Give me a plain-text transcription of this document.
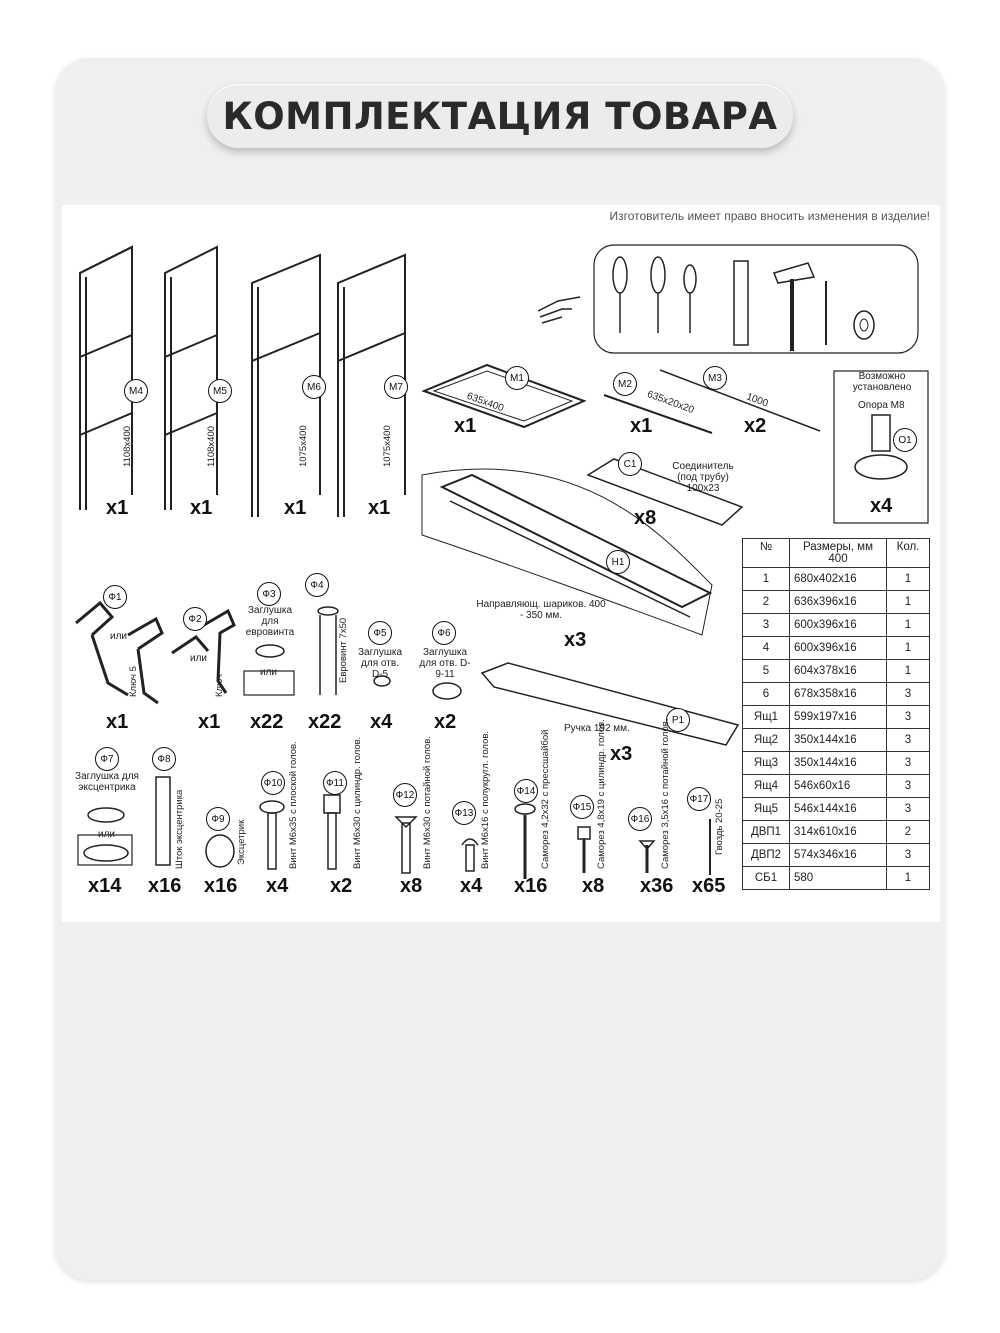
КОМПЛЕКТАЦИЯ ТОВАРА
Изготовитель имеет право вносить изменения в изделие!
М4
1108x400
x1
М5
1108x400
x1
М6
1075x400
x1
М7
1075x400
x1
М1
635x400
x1
М2
635x20x20
x1
М3
1000
x2
Возможно установлено
Опора М8
О1
x4
С1	Соединитель (под трубу) 100x23
x8
Н1
Направляющ. шариков. 400 - 350 мм.
x3
Р1
Ручка 192 мм.
x3
Ф1
или
Ключ 5
x1
Ф2
или
Ключ
x1
Ф3
Заглушка для евровинта
или
x22
Ф4
Евровинт 7x50
x22
Ф5
Заглушка для отв. D-5
x4
Ф6
Заглушка для отв. D-9-11
x2
Ф7
Заглушка для эксцентрика
или
x14
Ф8
Шток эксцентрика
x16
Ф9
Эксцетрик
x16
Ф10 Винт М6x35 с плоской голов.
x4
Ф11 Винт М6x30 с цилиндр. голов.
x2
Ф12 Винт М6x30 с потайной голов.
x8
Ф13 Винт М6x16 с полукругл. голов.
x4
Ф14 Саморез 4,2x32 с прессшайбой
x16
Ф15 Саморез 4,8x19 с цилиндр. голов.
x8
Ф16 Саморез 3,5x16 с потайной голов.
x36
Ф17 Гвоздь 20-25
x65
№	Размеры, мм 400	Кол.
1	680x402x16	1
2	636x396x16	1
3	600x396x16	1
4	600x396x16	1
5	604x378x16	1
6	678x358x16	3
Ящ1	599x197x16	3
Ящ2	350x144x16	3
Ящ3	350x144x16	3
Ящ4	546x60x16	3
Ящ5	546x144x16	3
ДВП1	314x610x16	2
ДВП2	574x346x16	3
СБ1	580	1
